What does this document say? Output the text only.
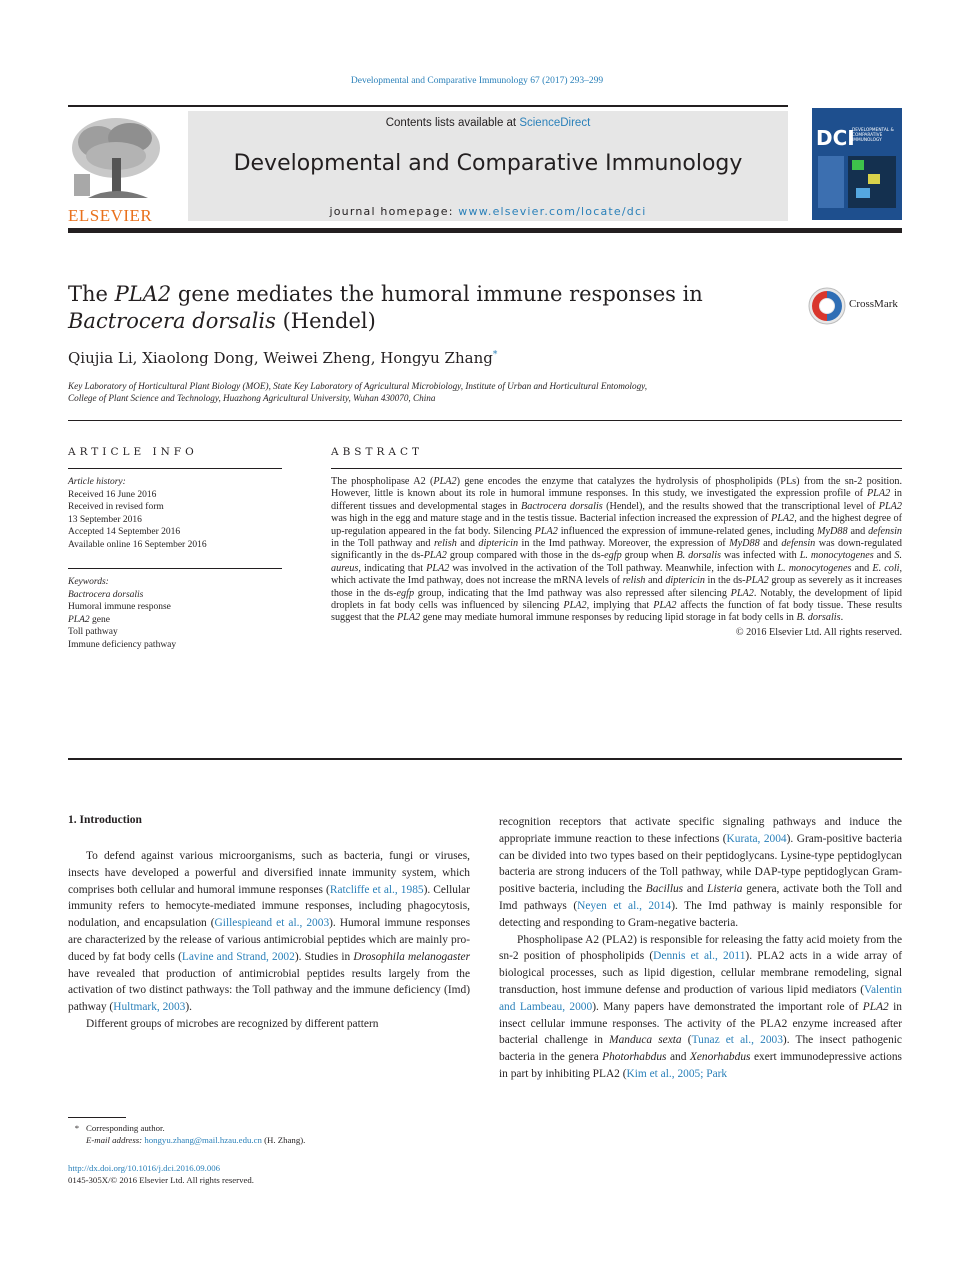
Developmental and Comparative Immunology 67 (2017) 293–299
ELSEVIER
Contents lists available at ScienceDirect
Developmental and Comparative Immunology
journal homepage: www.elsevier.com/locate/dci
DCI
DEVELOPMENTAL & COMPARATIVE IMMUNOLOGY
The PLA2 gene mediates the humoral immune responses in Bactrocera dorsalis (Hendel)
CrossMark
Qiujia Li, Xiaolong Dong, Weiwei Zheng, Hongyu Zhang*
Key Laboratory of Horticultural Plant Biology (MOE), State Key Laboratory of Agricultural Microbiology, Institute of Urban and Horticultural Entomology,
College of Plant Science and Technology, Huazhong Agricultural University, Wuhan 430070, China
ARTICLE INFO
Article history:
Received 16 June 2016
Received in revised form
13 September 2016
Accepted 14 September 2016
Available online 16 September 2016
Keywords:
Bactrocera dorsalis
Humoral immune response
PLA2 gene
Toll pathway
Immune deficiency pathway
ABSTRACT
The phospholipase A2 (PLA2) gene encodes the enzyme that catalyzes the hydrolysis of phospholipids (PLs) from the sn-2 position. However, little is known about its role in humoral immune responses. In this study, we investigated the expression profile of PLA2 in different tissues and developmental stages in Bactrocera dorsalis (Hendel), and the results showed that the transcriptional level of PLA2 was high in the egg and mature stage and in the testis tissue. Bacterial infection increased the expression of PLA2, and the highest degree of up-regulation appeared in the fat body. Silencing PLA2 influenced the expression of immune-related genes, including MyD88 and defensin in the Toll pathway and relish and diptericin in the Imd pathway. Moreover, the expression of MyD88 and defensin was down-regulated significantly in the ds-PLA2 group compared with those in the ds-egfp group when B. dorsalis was infected with L. monocytogenes and S. aureus, indicating that PLA2 was involved in the activation of the Toll pathway. Meanwhile, infection with L. monocytogenes and E. coli, which activate the Imd pathway, does not increase the mRNA levels of relish and diptericin in the ds-PLA2 group as severely as it increases those in the ds-egfp group, indicating that the Imd pathway was also repressed after silencing PLA2. Notably, the development of lipid droplets in fat body cells was influenced by silencing PLA2, implying that PLA2 affects the function of fat body tissue. These results suggest that the PLA2 gene may mediate humoral immune responses by reducing lipid storage in fat body cells in B. dorsalis.
© 2016 Elsevier Ltd. All rights reserved.
1. Introduction

To defend against various microorganisms, such as bacteria, fungi or viruses, insects have developed a powerful and diversified innate immunity system, which comprises both cellular and humoral immune responses (Ratcliffe et al., 1985). Cellular immunity refers to hemocyte-mediated immune responses, including phagocytosis, nodulation, and encapsulation (Gillespieand et al., 2003). Humoral immune responses are characterized by the release of various antimicrobial peptides which are mainly produced by fat body cells (Lavine and Strand, 2002). Studies in Drosophila melanogaster have revealed that production of antimicrobial peptides results largely from the activation of two distinct pathways: the Toll pathway and the immune deficiency (Imd) pathway (Hultmark, 2003).

Different groups of microbes are recognized by different pattern

recognition receptors that activate specific signaling pathways and induce the appropriate immune reaction to these infections (Kurata, 2004). Gram-positive bacteria can be divided into two types based on their peptidoglycans. Lysine-type peptidoglycan bacteria are strong inducers of the Toll pathway, while DAP-type peptidoglycan Gram-positive bacteria, including the Bacillus and Listeria genera, activate both the Toll and Imd pathways (Neyen et al., 2014). The Imd pathway is mainly responsible for detecting and responding to Gram-negative bacteria.

Phospholipase A2 (PLA2) is responsible for releasing the fatty acid moiety from the sn-2 position of phospholipids (Dennis et al., 2011). PLA2 acts in a wide array of biological processes, such as lipid digestion, cellular membrane remodeling, signal transduction, host immune defense and production of various lipid mediators (Valentin and Lambeau, 2000). Many papers have demonstrated the important role of PLA2 in insect cellular immune responses. The activity of the PLA2 enzyme increased after bacterial challenge in Manduca sexta (Tunaz et al., 2003). The insect pathogenic bacteria in the genera Photorhabdus and Xenorhabdus exert immunodepressive actions in part by inhibiting PLA2 (Kim et al., 2005; Park

* Corresponding author.
E-mail address: hongyu.zhang@mail.hzau.edu.cn (H. Zhang).
http://dx.doi.org/10.1016/j.dci.2016.09.006
0145-305X/© 2016 Elsevier Ltd. All rights reserved.
